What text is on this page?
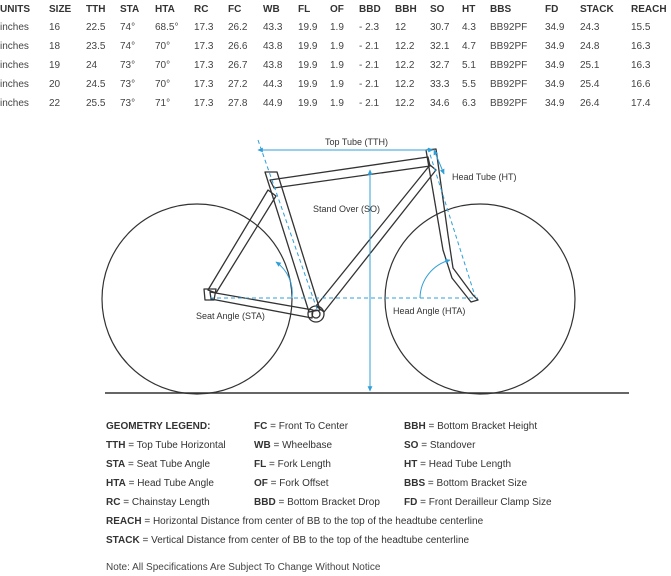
UNITS	SIZE	TTH	STA	HTA	RC	FC	WB	FL	OF	BBD	BBH	SO	HT	BBS	FD	STACK	REACH
inches	16	22.5	74°	68.5°	17.3	26.2	43.3	19.9	1.9	- 2.3	12	30.7	4.3	BB92PF	34.9	24.3	15.5
inches	18	23.5	74°	70°	17.3	26.6	43.8	19.9	1.9	- 2.1	12.2	32.1	4.7	BB92PF	34.9	24.8	16.3
inches	19	24	73°	70°	17.3	26.7	43.8	19.9	1.9	- 2.1	12.2	32.7	5.1	BB92PF	34.9	25.1	16.3
inches	20	24.5	73°	70°	17.3	27.2	44.3	19.9	1.9	- 2.1	12.2	33.3	5.5	BB92PF	34.9	25.4	16.6
inches	22	25.5	73°	71°	17.3	27.8	44.9	19.9	1.9	- 2.1	12.2	34.6	6.3	BB92PF	34.9	26.4	17.4
Top Tube (TTH)
Head Tube (HT)
Stand Over (SO)
Seat Angle (STA)	Head Angle (HTA)
GEOMETRY LEGEND:	FC = Front To Center	BBH = Bottom Bracket Height
TTH = Top Tube Horizontal	WB = Wheelbase	SO = Standover
STA = Seat Tube Angle	FL = Fork Length	HT = Head Tube Length
HTA = Head Tube Angle	OF = Fork Offset	BBS = Bottom Bracket Size
RC = Chainstay Length	BBD = Bottom Bracket Drop FD = Front Derailleur Clamp Size
REACH = Horizontal Distance from center of BB to the top of the headtube centerline
STACK = Vertical Distance from center of BB to the top of the headtube centerline
Note: All Specifications Are Subject To Change Without Notice
